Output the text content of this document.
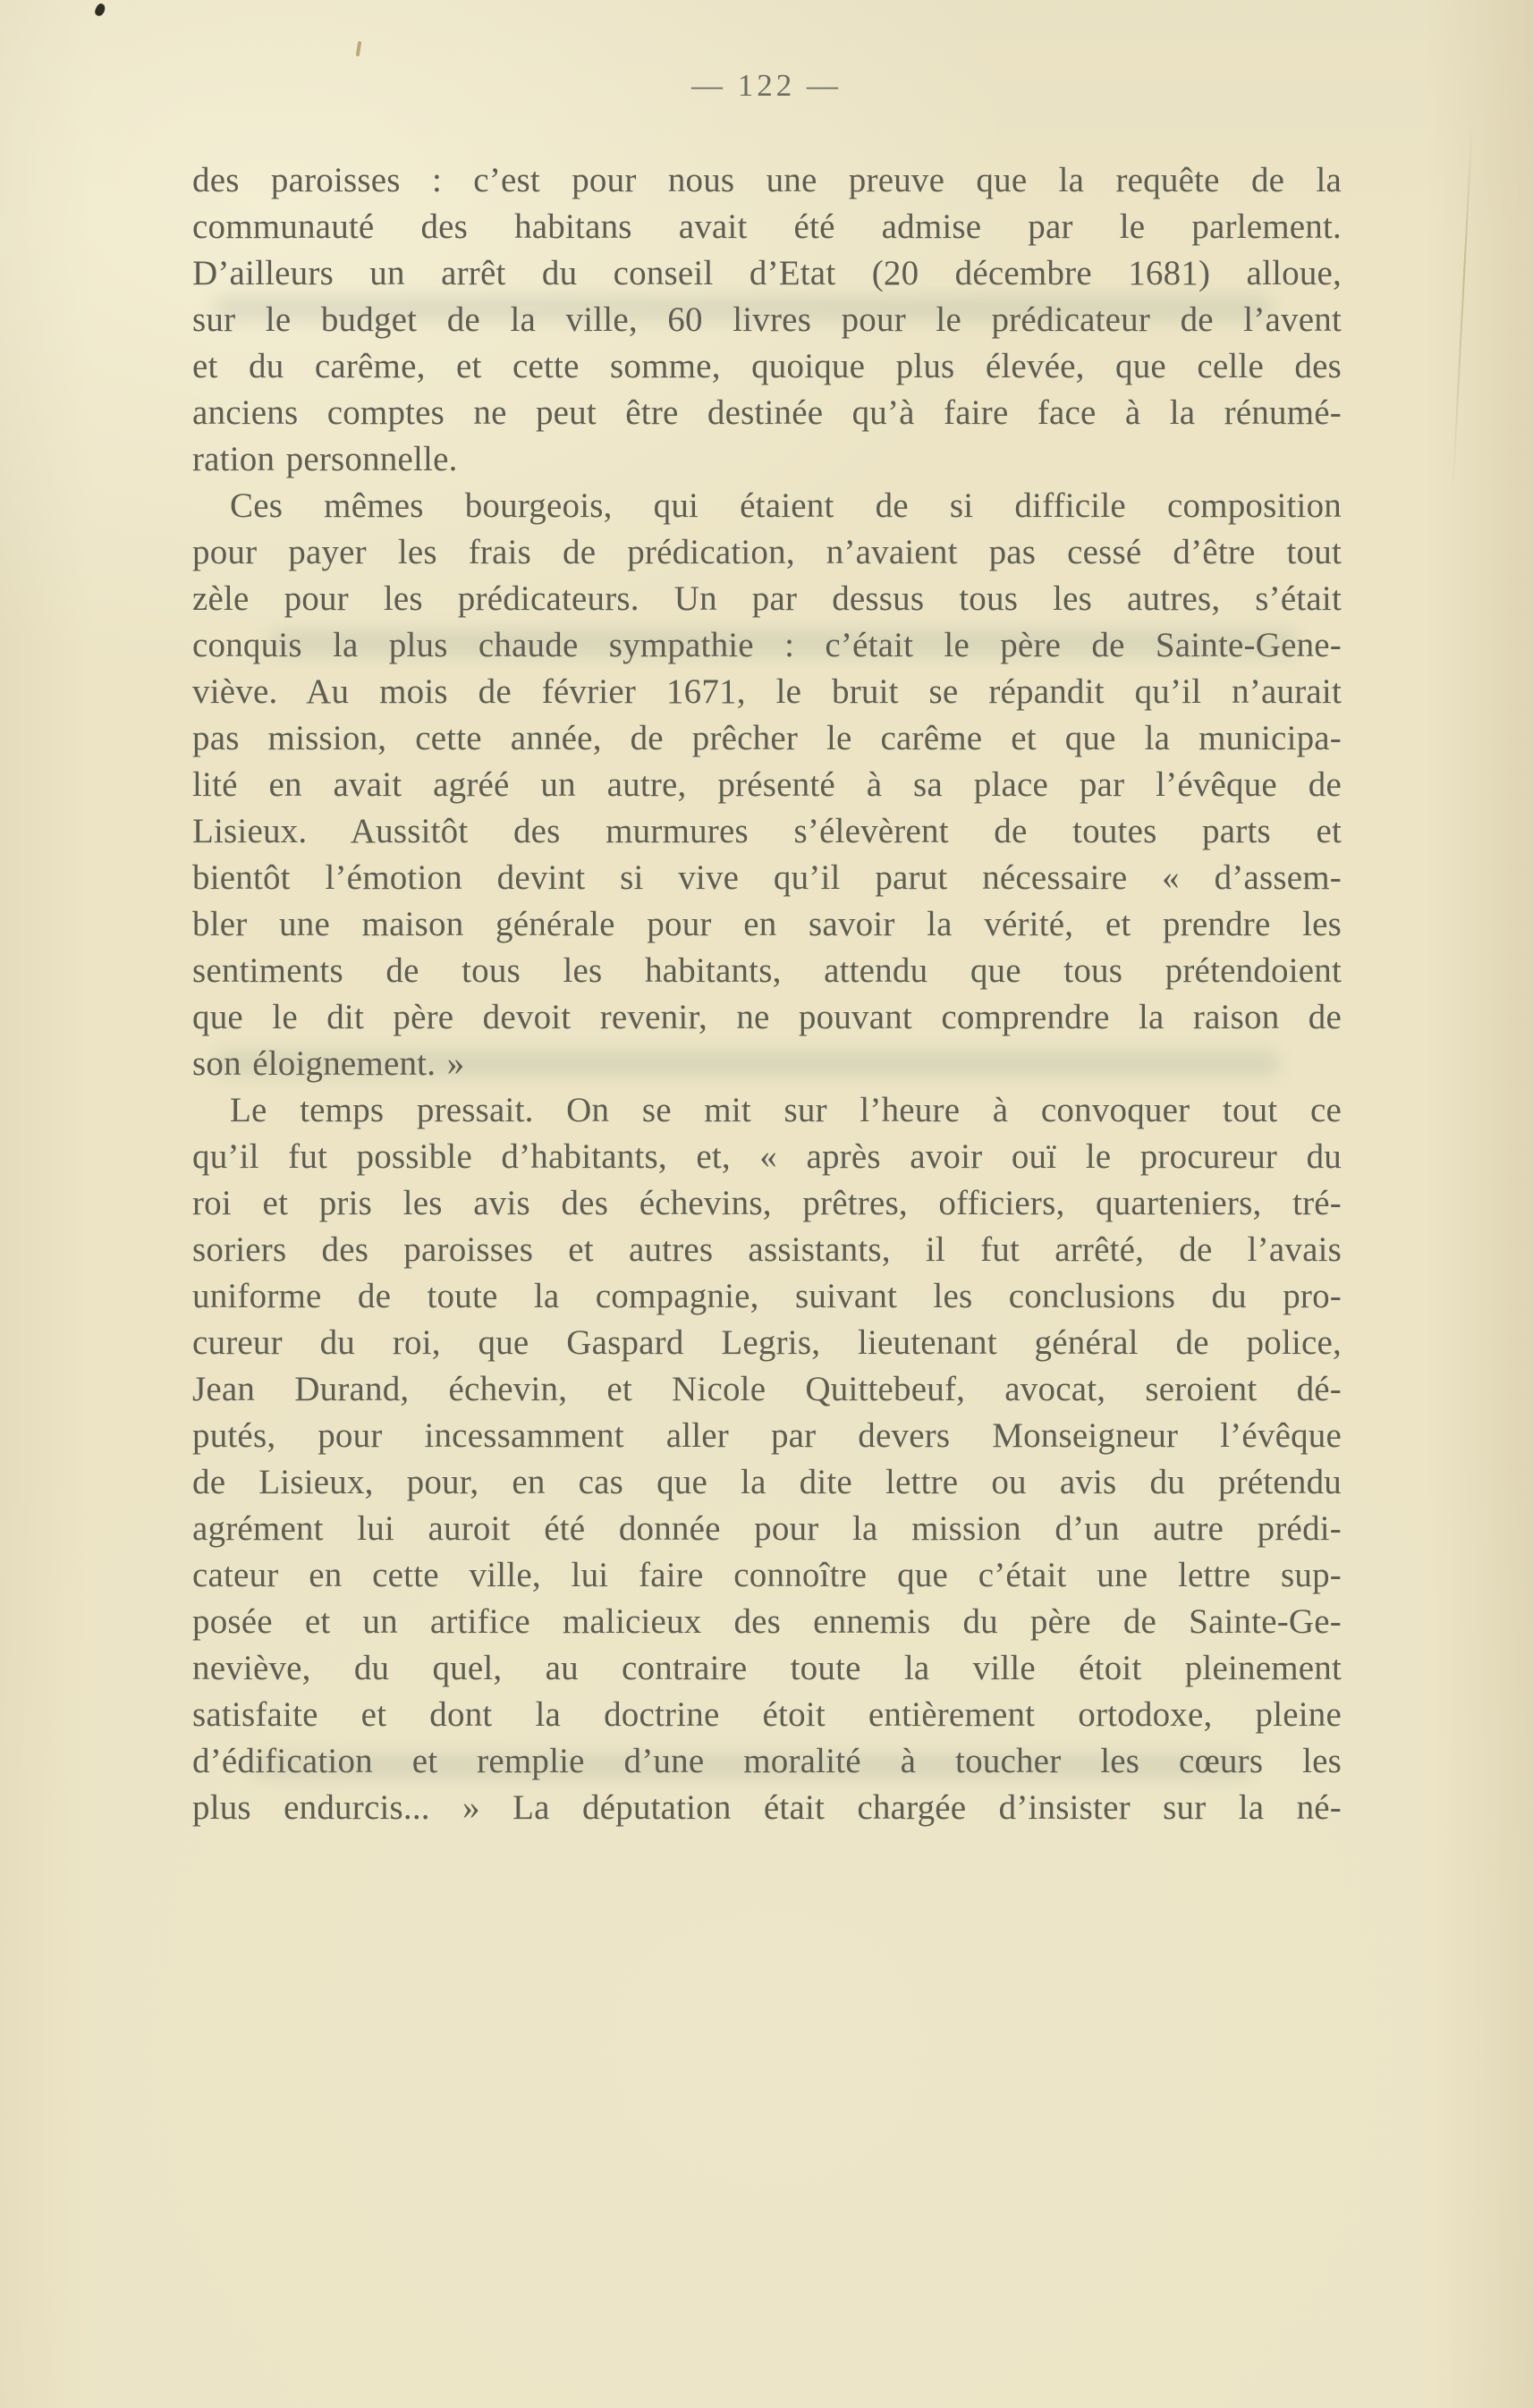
— 122 —
des paroisses : c’est pour nous une preuve que la requête de la
communauté des habitans avait été admise par le parlement.
D’ailleurs un arrêt du conseil d’Etat (20 décembre 1681) alloue,
sur le budget de la ville, 60 livres pour le prédicateur de l’avent
et du carême, et cette somme, quoique plus élevée, que celle des
anciens comptes ne peut être destinée qu’à faire face à la rénumé-
ration personnelle.
Ces mêmes bourgeois, qui étaient de si difficile composition
pour payer les frais de prédication, n’avaient pas cessé d’être tout
zèle pour les prédicateurs. Un par dessus tous les autres, s’était
conquis la plus chaude sympathie : c’était le père de Sainte-Gene-
viève. Au mois de février 1671, le bruit se répandit qu’il n’aurait
pas mission, cette année, de prêcher le carême et que la municipa-
lité en avait agréé un autre, présenté à sa place par l’évêque de
Lisieux. Aussitôt des murmures s’élevèrent de toutes parts et
bientôt l’émotion devint si vive qu’il parut nécessaire « d’assem-
bler une maison générale pour en savoir la vérité, et prendre les
sentiments de tous les habitants, attendu que tous prétendoient
que le dit père devoit revenir, ne pouvant comprendre la raison de
son éloignement. »
Le temps pressait. On se mit sur l’heure à convoquer tout ce
qu’il fut possible d’habitants, et, « après avoir ouï le procureur du
roi et pris les avis des échevins, prêtres, officiers, quarteniers, tré-
soriers des paroisses et autres assistants, il fut arrêté, de l’avais
uniforme de toute la compagnie, suivant les conclusions du pro-
cureur du roi, que Gaspard Legris, lieutenant général de police,
Jean Durand, échevin, et Nicole Quittebeuf, avocat, seroient dé-
putés, pour incessamment aller par devers Monseigneur l’évêque
de Lisieux, pour, en cas que la dite lettre ou avis du prétendu
agrément lui auroit été donnée pour la mission d’un autre prédi-
cateur en cette ville, lui faire connoître que c’était une lettre sup-
posée et un artifice malicieux des ennemis du père de Sainte-Ge-
neviève, du quel, au contraire toute la ville étoit pleinement
satisfaite et dont la doctrine étoit entièrement ortodoxe, pleine
d’édification et remplie d’une moralité à toucher les cœurs les
plus endurcis... » La députation était chargée d’insister sur la né-
